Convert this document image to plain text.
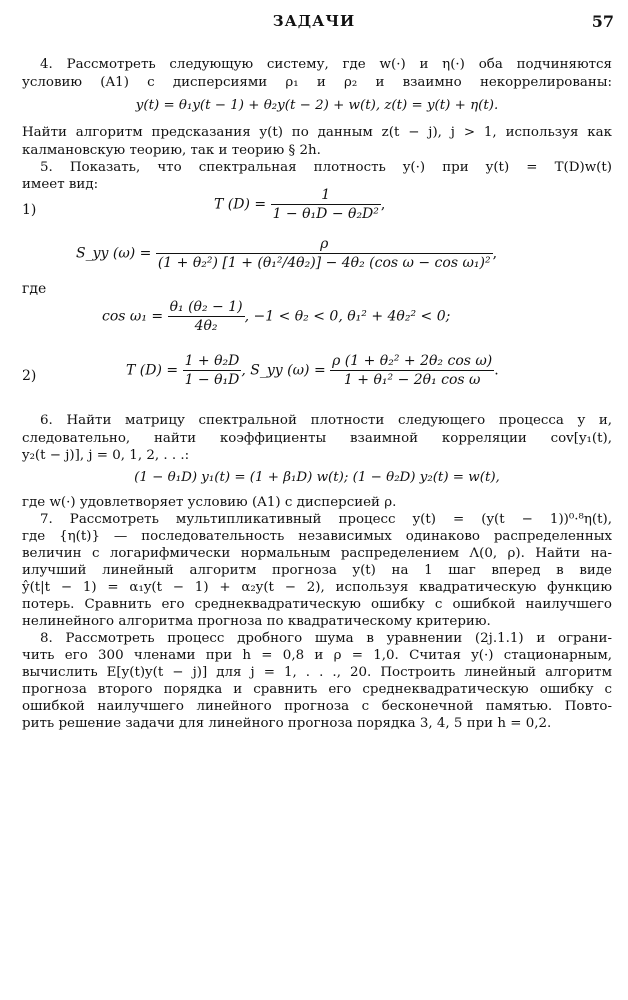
ЗАДАЧИ	57
4. Рассмотреть следующую систему, где w(·) и η(·) оба подчиняются
условию (A1) с дисперсиями ρ₁ и ρ₂ и взаимно некоррелированы:
y(t) = θ₁y(t − 1) + θ₂y(t − 2) + w(t), z(t) = y(t) + η(t).
Найти алгоритм предсказания y(t) по данным z(t − j), j > 1, используя как
калмановскую теорию, так и теорию § 2h.
5. Показать, что спектральная плотность y(·) при y(t) = T(D)w(t)
имеет вид:
1)	T $(D) = \frac{1}{\text{1 − θ₁D − θ₂D²}}$ ,
S_yy $(\omega) = \frac{\rho}{\text{(1 + θ₂²) [1 + (θ₁²/4θ₂)] − 4θ₂ (cos ω − cos ω₁)²}}$ ,
где
$\cos \omega_1 = \frac{\text{θ₁ (θ₂ − 1)}}{\text{4θ₂}}$ , −1 < θ₂ < 0, θ₁² + 4θ₂² < 0;
2)	T $(D) = \frac{\text{1 + θ₂D}}{\text{1 − θ₁D}}$ , S_yy $(\omega) = \frac{\text{ρ (1 + θ₂² + 2θ₂ cos ω)}}{\text{1 + θ₁² − 2θ₁ cos ω}}$ .
6. Найти матрицу спектральной плотности следующего процесса y и,
следовательно, найти коэффициенты взаимной корреляции cov[y₁(t),
y₂(t − j)], j = 0, 1, 2, . . .:
(1 − θ₁D) y₁(t) = (1 + β₁D) w(t); (1 − θ₂D) y₂(t) = w(t),
где w(·) удовлетворяет условию (A1) с дисперсией ρ.
7. Рассмотреть мультипликативный процесс y(t) = (y(t − 1))⁰·⁸η(t),
где {η(t)} — последовательность независимых одинаково распределенных
величин с логарифмически нормальным распределением Λ(0, ρ). Найти на-
илучший линейный алгоритм прогноза y(t) на 1 шаг вперед в виде
ŷ(t|t − 1) = α₁y(t − 1) + α₂y(t − 2), используя квадратическую функцию
потерь. Сравнить его среднеквадратическую ошибку с ошибкой наилучшего
нелинейного алгоритма прогноза по квадратическому критерию.
8. Рассмотреть процесс дробного шума в уравнении (2j.1.1) и ограни-
чить его 300 членами при h = 0,8 и ρ = 1,0. Считая y(·) стационарным,
вычислить E[y(t)y(t − j)] для j = 1, . . ., 20. Построить линейный алгоритм
прогноза второго порядка и сравнить его среднеквадратическую ошибку с
ошибкой наилучшего линейного прогноза с бесконечной памятью. Повто-
рить решение задачи для линейного прогноза порядка 3, 4, 5 при h = 0,2.
